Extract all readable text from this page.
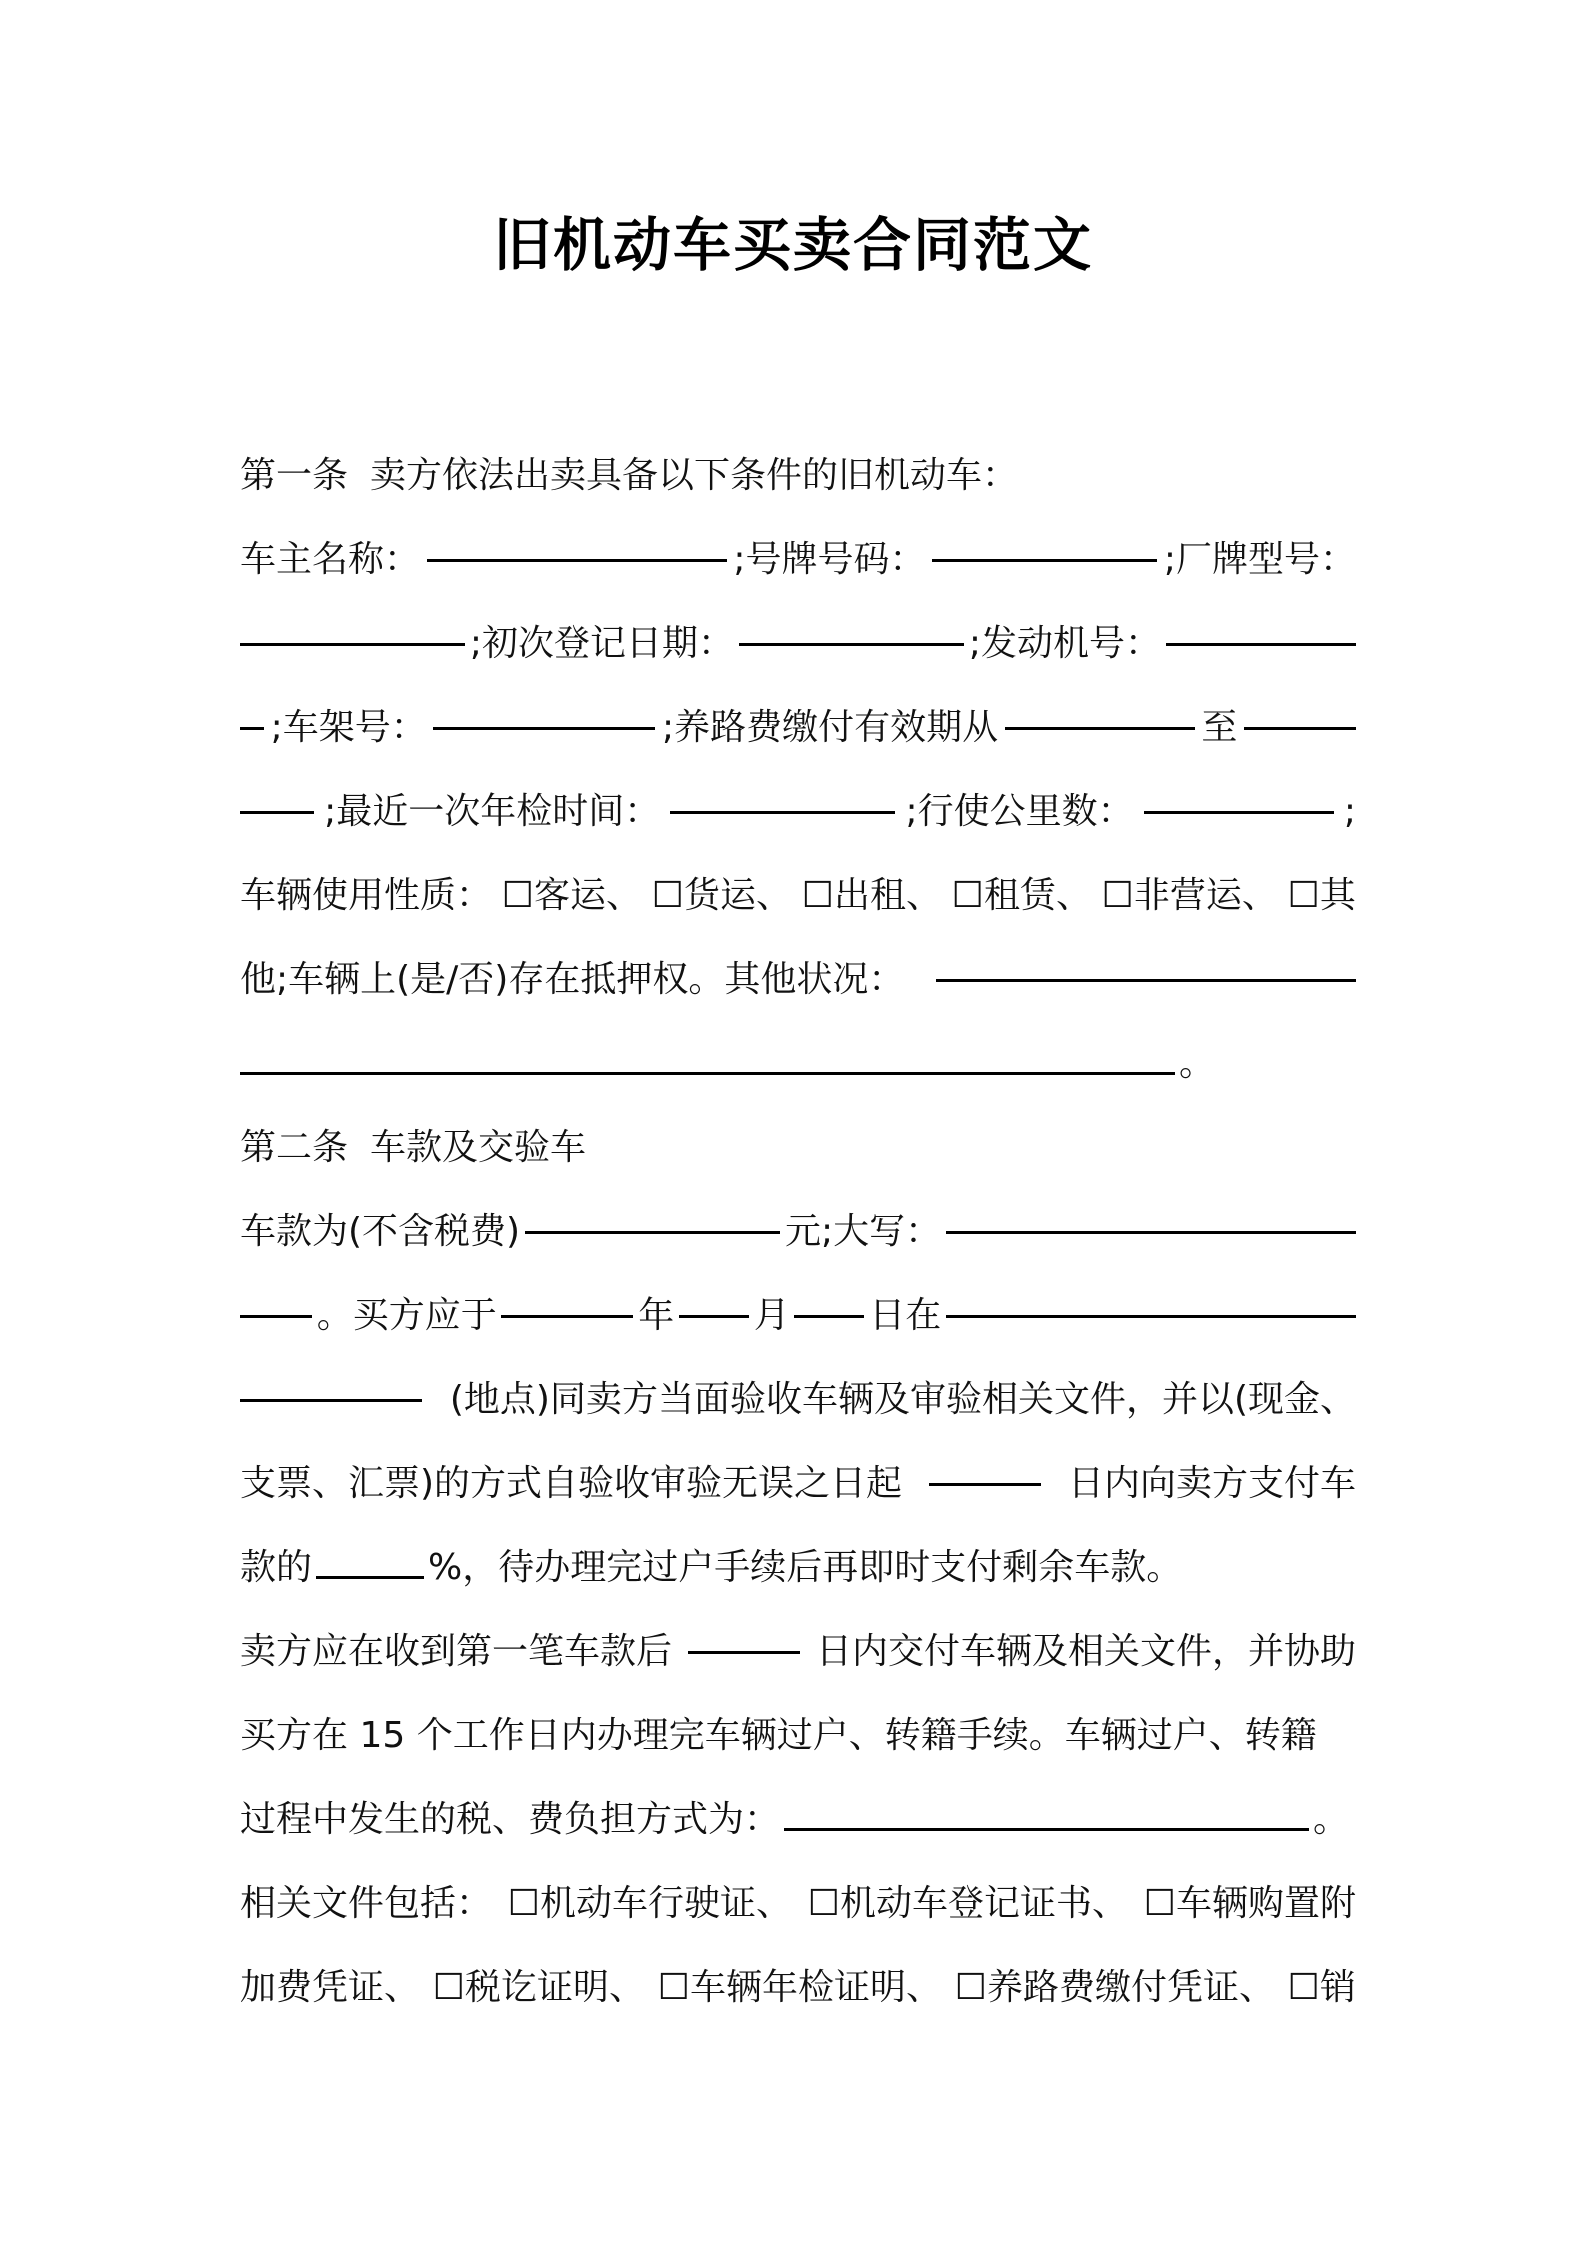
旧机动车买卖合同范文
第一条 卖方依法出卖具备以下条件的旧机动车：
车主名称：	;号牌号码：	;厂牌型号：
;初次登记日期：	;发动机号：
;车架号：	;养路费缴付有效期从	至
;最近一次年检时间：	;行使公里数：	;
车辆使用性质： ☐客运、 ☐货运、 ☐出租、 ☐租赁、 ☐非营运、 ☐其
他;车辆上(是/否)存在抵押权。其他状况：
。
第二条 车款及交验车
车款为(不含税费)	元;大写：
。买方应于	年 月 日在
(地点)同卖方当面验收车辆及审验相关文件，并以(现金、
支票、汇票)的方式自验收审验无误之日起	日内向卖方支付车
款的	%，待办理完过户手续后再即时支付剩余车款。
卖方应在收到第一笔车款后	日内交付车辆及相关文件，并协助
买方在 15 个工作日内办理完车辆过户、转籍手续。车辆过户、转籍
过程中发生的税、费负担方式为：	。
相关文件包括： ☐机动车行驶证、 ☐机动车登记证书、 ☐车辆购置附
加费凭证、 ☐税讫证明、 ☐车辆年检证明、 ☐养路费缴付凭证、 ☐销
